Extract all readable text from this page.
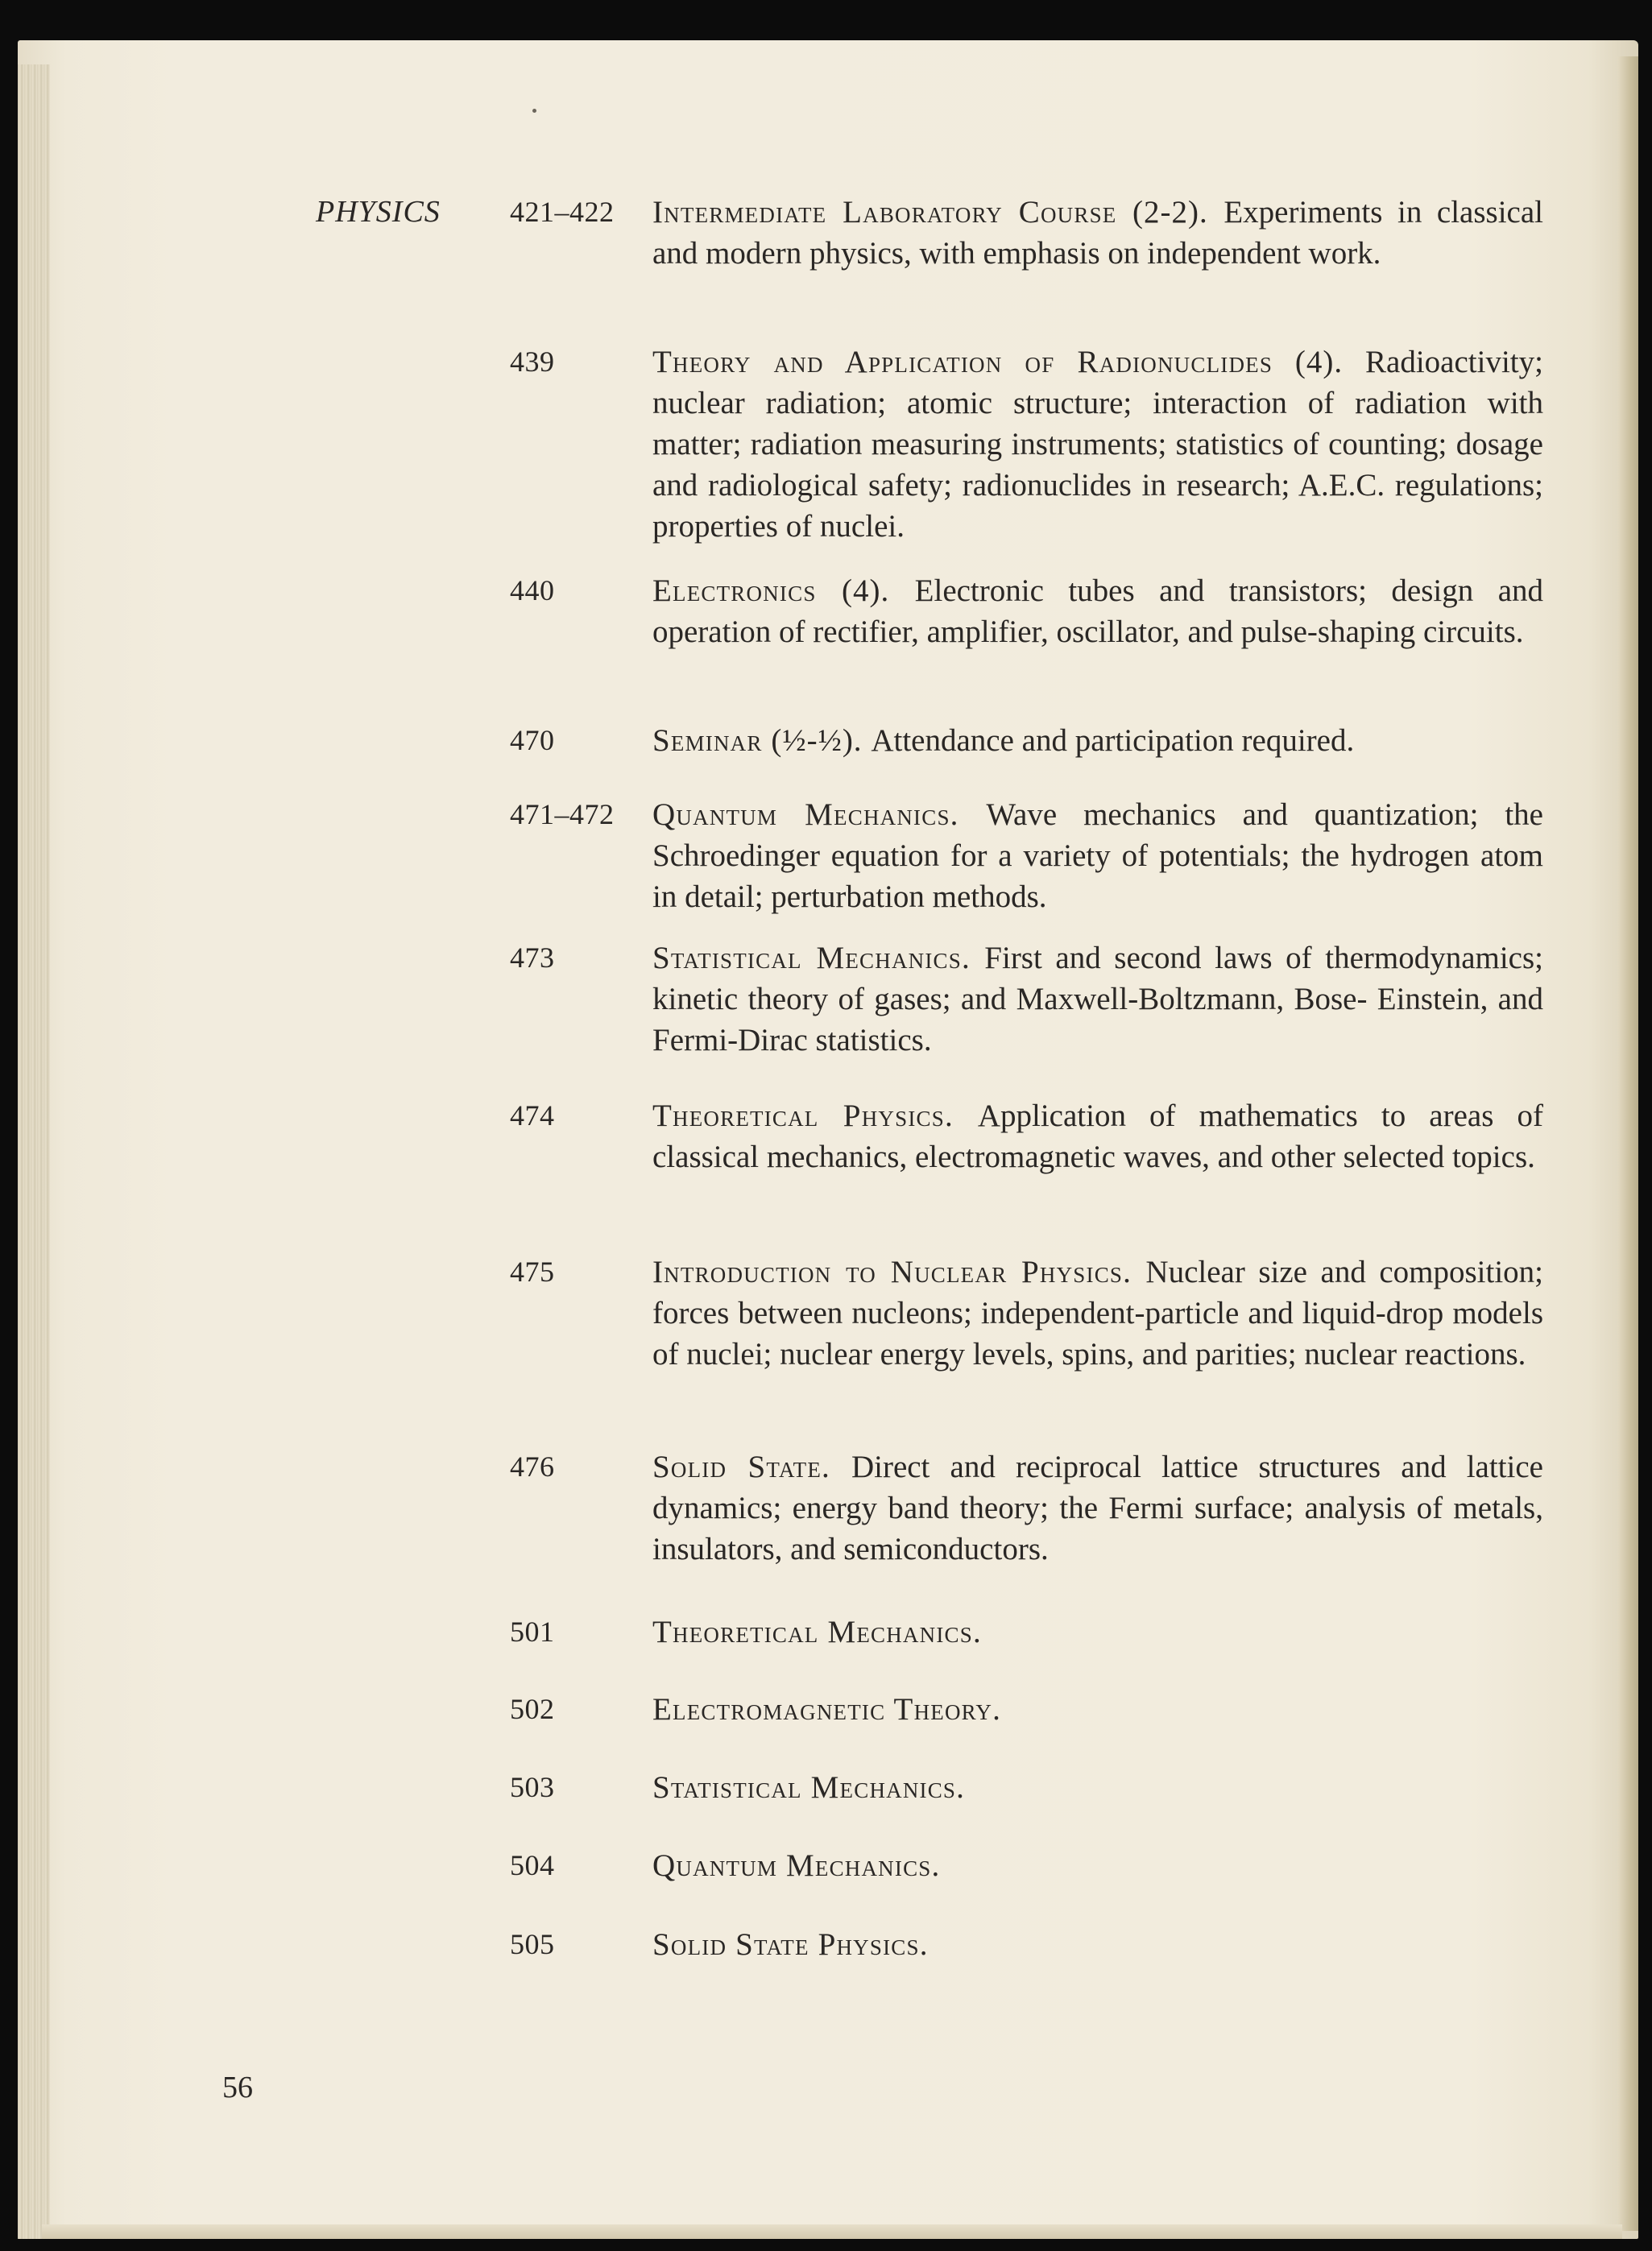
PHYSICS 421–422 Intermediate Laboratory Course (2-2). Experiments in classical and modern physics, with emphasis on independent work.
439	Theory and Application of Radionuclides (4). Radioactivity; nuclear radiation; atomic structure; interaction of radiation with matter; radiation measuring instruments; statistics of counting; dosage and radiological safety; radionuclides in research; A.E.C. regulations; properties of nuclei.
440	Electronics (4). Electronic tubes and transistors; design and operation of rectifier, amplifier, oscillator, and pulse-shaping circuits.
470	Seminar (½-½). Attendance and participation required.
471–472 Quantum Mechanics. Wave mechanics and quantization; the Schroedinger equation for a variety of potentials; the hydrogen atom in detail; perturbation methods.
473	Statistical Mechanics. First and second laws of thermodynamics; kinetic theory of gases; and Maxwell-Boltzmann, Bose- Einstein, and Fermi-Dirac statistics.
474	Theoretical Physics. Application of mathematics to areas of classical mechanics, electromagnetic waves, and other selected topics.
475	Introduction to Nuclear Physics. Nuclear size and composition; forces between nucleons; independent-particle and liquid-drop models of nuclei; nuclear energy levels, spins, and parities; nuclear reactions.
476	Solid State. Direct and reciprocal lattice structures and lattice dynamics; energy band theory; the Fermi surface; analysis of metals, insulators, and semiconductors.
501	Theoretical Mechanics.
502	Electromagnetic Theory.
503	Statistical Mechanics.
504	Quantum Mechanics.
505	Solid State Physics.
56
